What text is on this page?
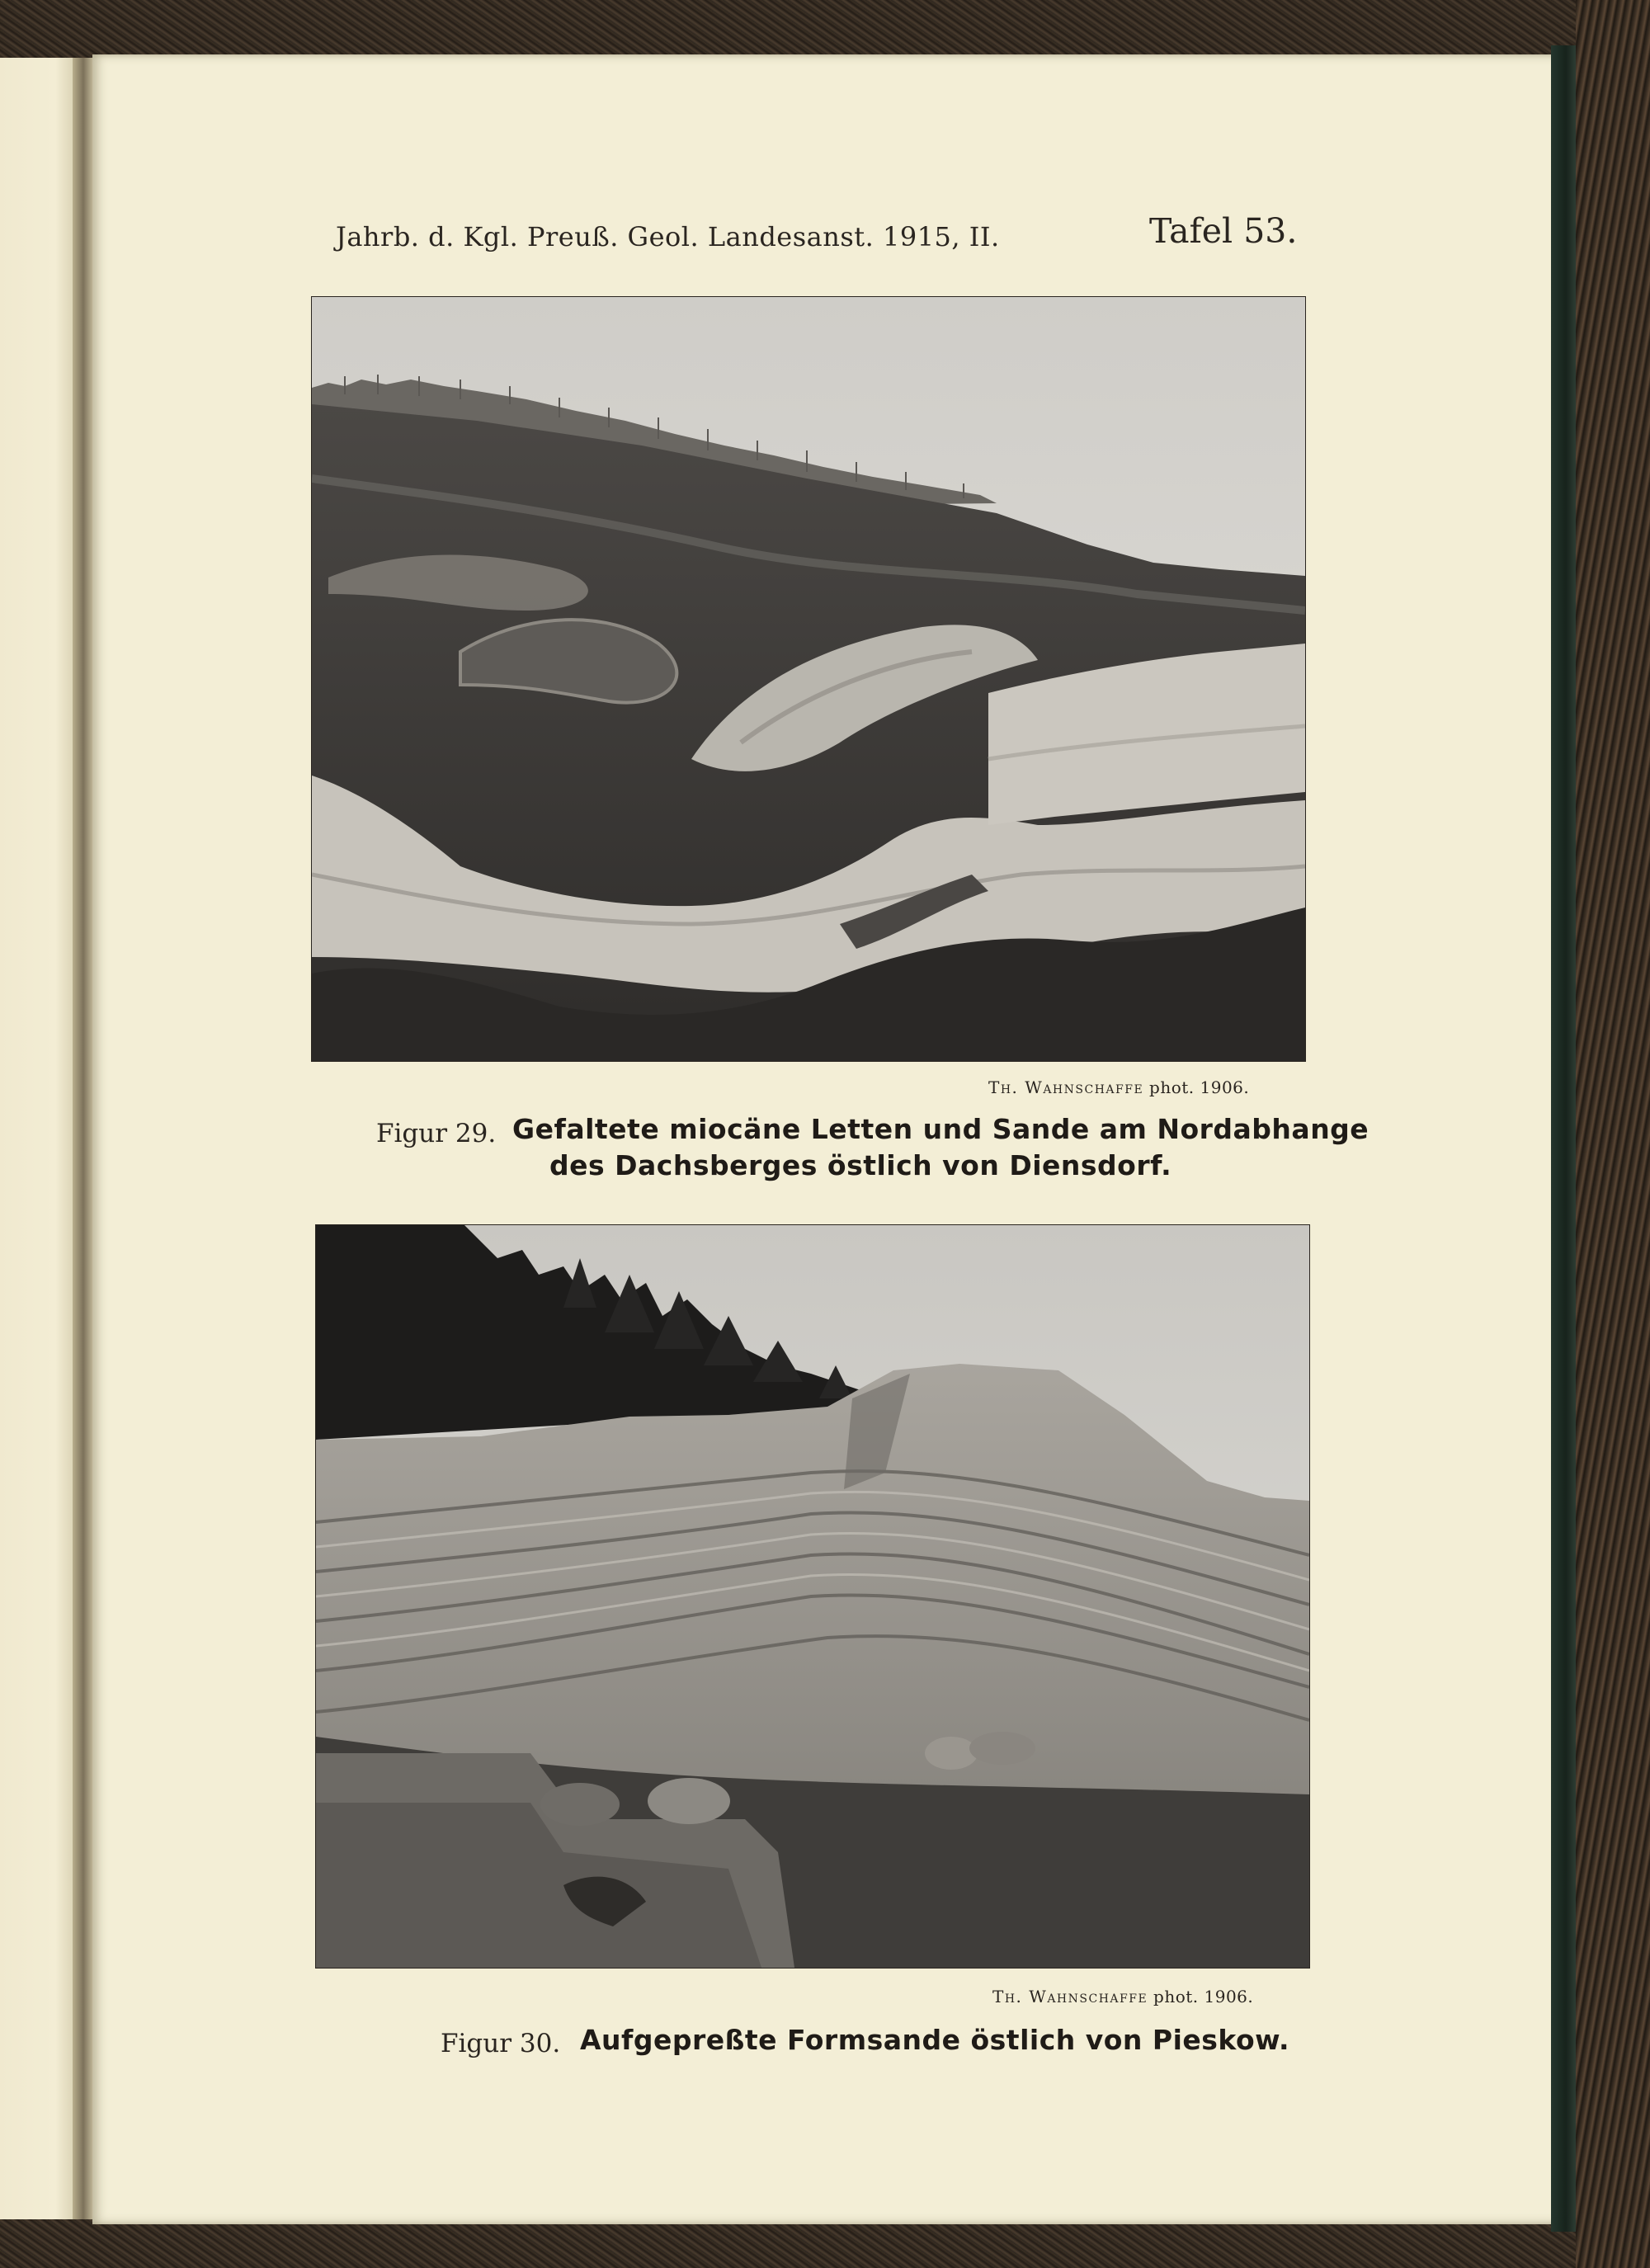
Jahrb. d. Kgl. Preuß. Geol. Landesanst. 1915, II.	Tafel 53.
Th. Wahnschaffe phot. 1906.
Figur 29. Gefaltete miocäne Letten und Sande am Nordabhange
des Dachsberges östlich von Diensdorf.
Th. Wahnschaffe phot. 1906.
Figur 30. Aufgepreßte Formsande östlich von Pieskow.
